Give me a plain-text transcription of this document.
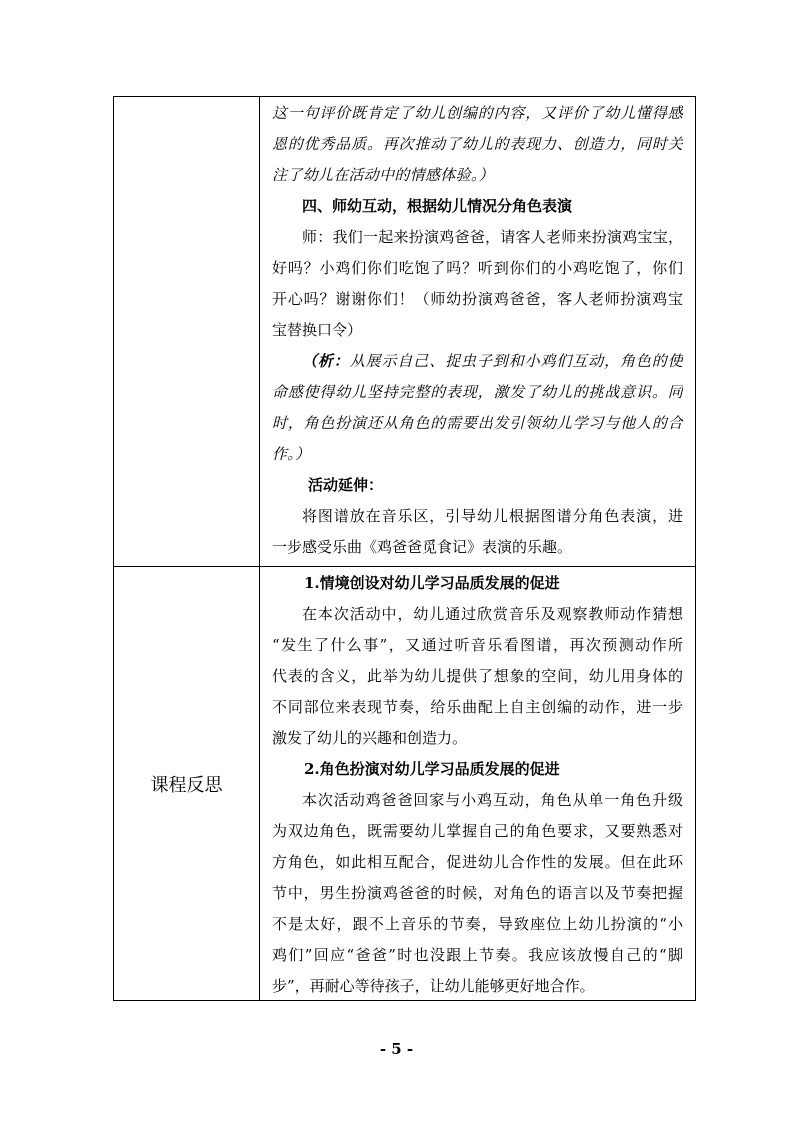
这一句评价既肯定了幼儿创编的内容，又评价了幼儿懂得感
恩的优秀品质。再次推动了幼儿的表现力、创造力，同时关
注了幼儿在活动中的情感体验。）
四、师幼互动，根据幼儿情况分角色表演
师：我们一起来扮演鸡爸爸，请客人老师来扮演鸡宝宝，
好吗？小鸡们你们吃饱了吗？听到你们的小鸡吃饱了，你们
开心吗？谢谢你们！（师幼扮演鸡爸爸，客人老师扮演鸡宝
宝替换口令）
（析：从展示自己、捉虫子到和小鸡们互动，角色的使
命感使得幼儿坚持完整的表现，激发了幼儿的挑战意识。同
时，角色扮演还从角色的需要出发引领幼儿学习与他人的合
作。）
活动延伸：
将图谱放在音乐区，引导幼儿根据图谱分角色表演，进
一步感受乐曲《鸡爸爸觅食记》表演的乐趣。
课程反思
1.情境创设对幼儿学习品质发展的促进
在本次活动中，幼儿通过欣赏音乐及观察教师动作猜想
“发生了什么事”，又通过听音乐看图谱，再次预测动作所
代表的含义，此举为幼儿提供了想象的空间，幼儿用身体的
不同部位来表现节奏，给乐曲配上自主创编的动作，进一步
激发了幼儿的兴趣和创造力。
2.角色扮演对幼儿学习品质发展的促进
本次活动鸡爸爸回家与小鸡互动，角色从单一角色升级
为双边角色，既需要幼儿掌握自己的角色要求，又要熟悉对
方角色，如此相互配合，促进幼儿合作性的发展。但在此环
节中，男生扮演鸡爸爸的时候，对角色的语言以及节奏把握
不是太好，跟不上音乐的节奏，导致座位上幼儿扮演的“小
鸡们”回应“爸爸”时也没跟上节奏。我应该放慢自己的“脚
步”，再耐心等待孩子，让幼儿能够更好地合作。
- 5 -
